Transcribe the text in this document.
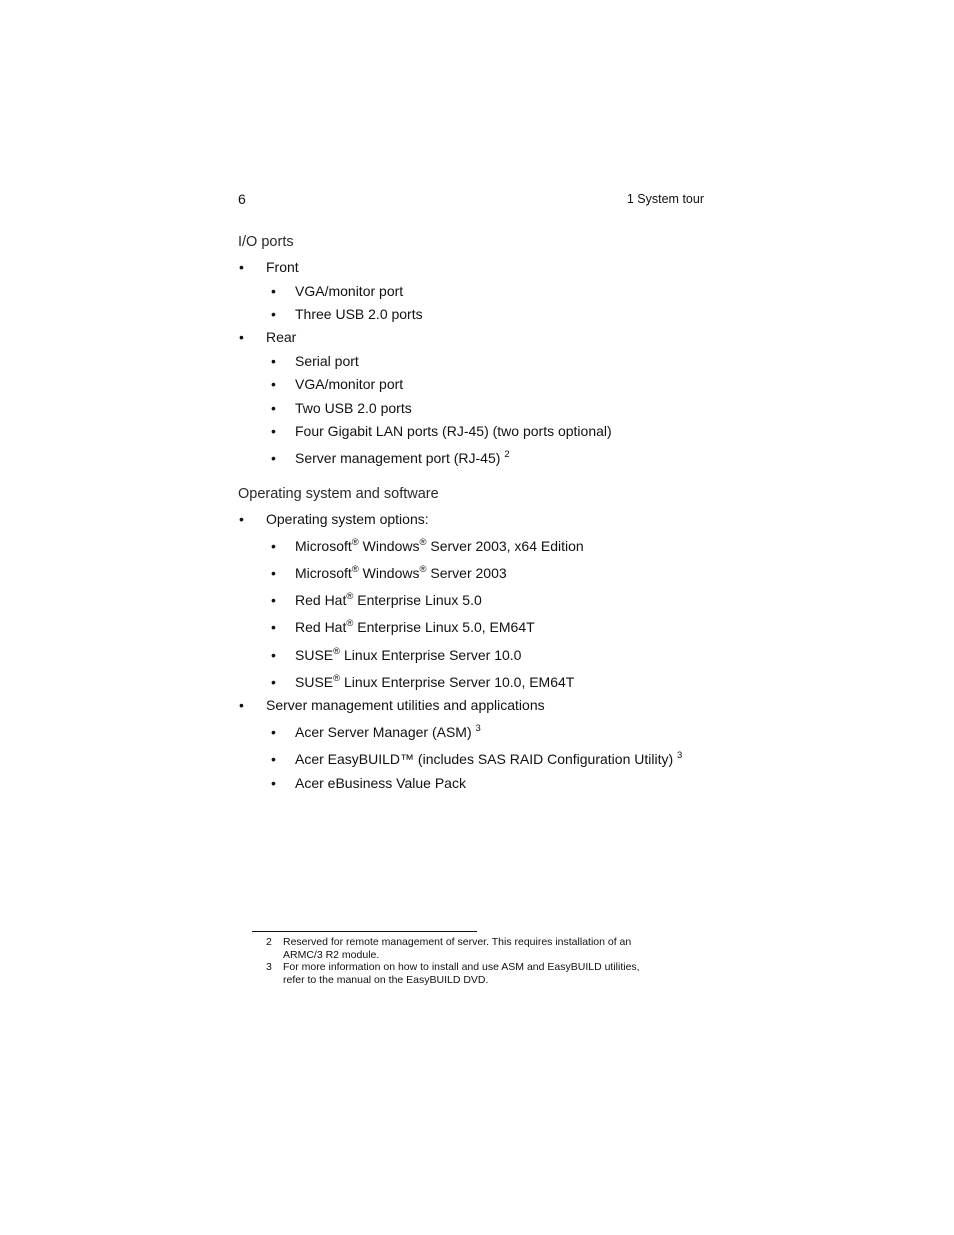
6	1 System tour
I/O ports
• Front
• VGA/monitor port
• Three USB 2.0 ports
• Rear
• Serial port
• VGA/monitor port
• Two USB 2.0 ports
• Four Gigabit LAN ports (RJ-45) (two ports optional)
• Server management port (RJ-45) $^2$
Operating system and software
• Operating system options:
• Microsoft® Windows® Server 2003, x64 Edition
• Microsoft® Windows® Server 2003
• Red Hat® Enterprise Linux 5.0
• Red Hat® Enterprise Linux 5.0, EM64T
• SUSE® Linux Enterprise Server 10.0
• SUSE® Linux Enterprise Server 10.0, EM64T
• Server management utilities and applications
• Acer Server Manager (ASM) $^3$
• Acer EasyBUILD™ (includes SAS RAID Configuration Utility) $^3$
• Acer eBusiness Value Pack
2 Reserved for remote management of server. This requires installation of an
ARMC/3 R2 module.
3 For more information on how to install and use ASM and EasyBUILD utilities,
refer to the manual on the EasyBUILD DVD.
